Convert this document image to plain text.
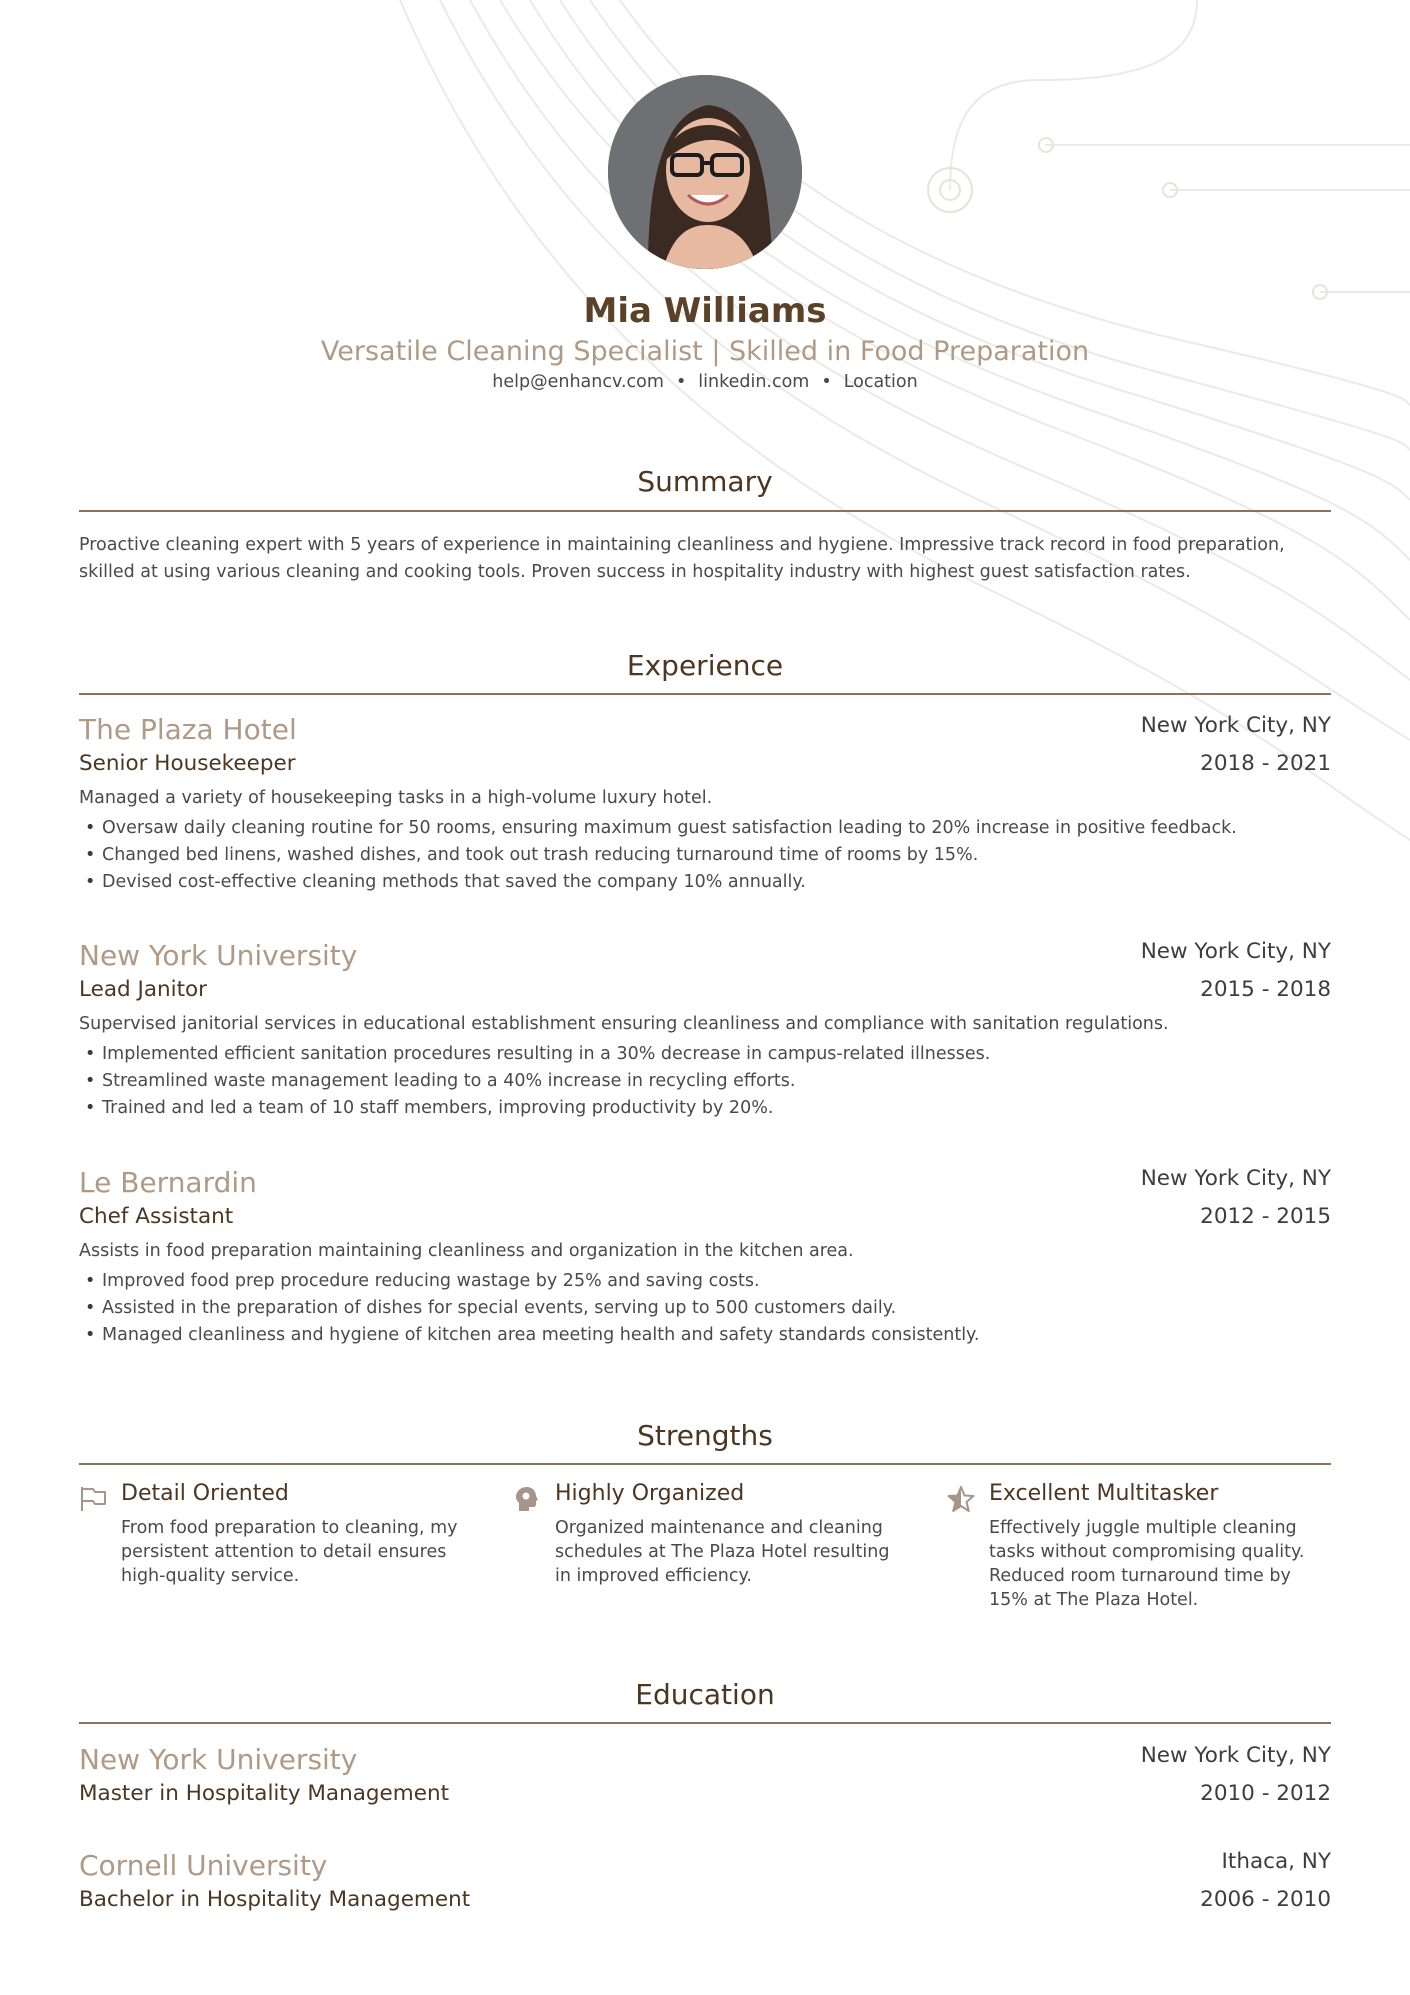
Mia Williams
Versatile Cleaning Specialist | Skilled in Food Preparation
help@enhancv.com • linkedin.com • Location
Summary
Proactive cleaning expert with 5 years of experience in maintaining cleanliness and hygiene. Impressive track record in food preparation, skilled at using various cleaning and cooking tools. Proven success in hospitality industry with highest guest satisfaction rates.
Experience
The Plaza Hotel	New York City, NY
Senior Housekeeper	2018 - 2021
Managed a variety of housekeeping tasks in a high-volume luxury hotel.
• Oversaw daily cleaning routine for 50 rooms, ensuring maximum guest satisfaction leading to 20% increase in positive feedback.
• Changed bed linens, washed dishes, and took out trash reducing turnaround time of rooms by 15%.
• Devised cost-effective cleaning methods that saved the company 10% annually.
New York University	New York City, NY
Lead Janitor	2015 - 2018
Supervised janitorial services in educational establishment ensuring cleanliness and compliance with sanitation regulations.
• Implemented efficient sanitation procedures resulting in a 30% decrease in campus-related illnesses.
• Streamlined waste management leading to a 40% increase in recycling efforts.
• Trained and led a team of 10 staff members, improving productivity by 20%.
Le Bernardin	New York City, NY
Chef Assistant	2012 - 2015
Assists in food preparation maintaining cleanliness and organization in the kitchen area.
• Improved food prep procedure reducing wastage by 25% and saving costs.
• Assisted in the preparation of dishes for special events, serving up to 500 customers daily.
• Managed cleanliness and hygiene of kitchen area meeting health and safety standards consistently.
Strengths
Detail Oriented
From food preparation to cleaning, my persistent attention to detail ensures high-quality service.
Highly Organized
Organized maintenance and cleaning schedules at The Plaza Hotel resulting in improved efficiency.
Excellent Multitasker
Effectively juggle multiple cleaning tasks without compromising quality. Reduced room turnaround time by 15% at The Plaza Hotel.
Education
New York University	New York City, NY
Master in Hospitality Management	2010 - 2012
Cornell University	Ithaca, NY
Bachelor in Hospitality Management	2006 - 2010
